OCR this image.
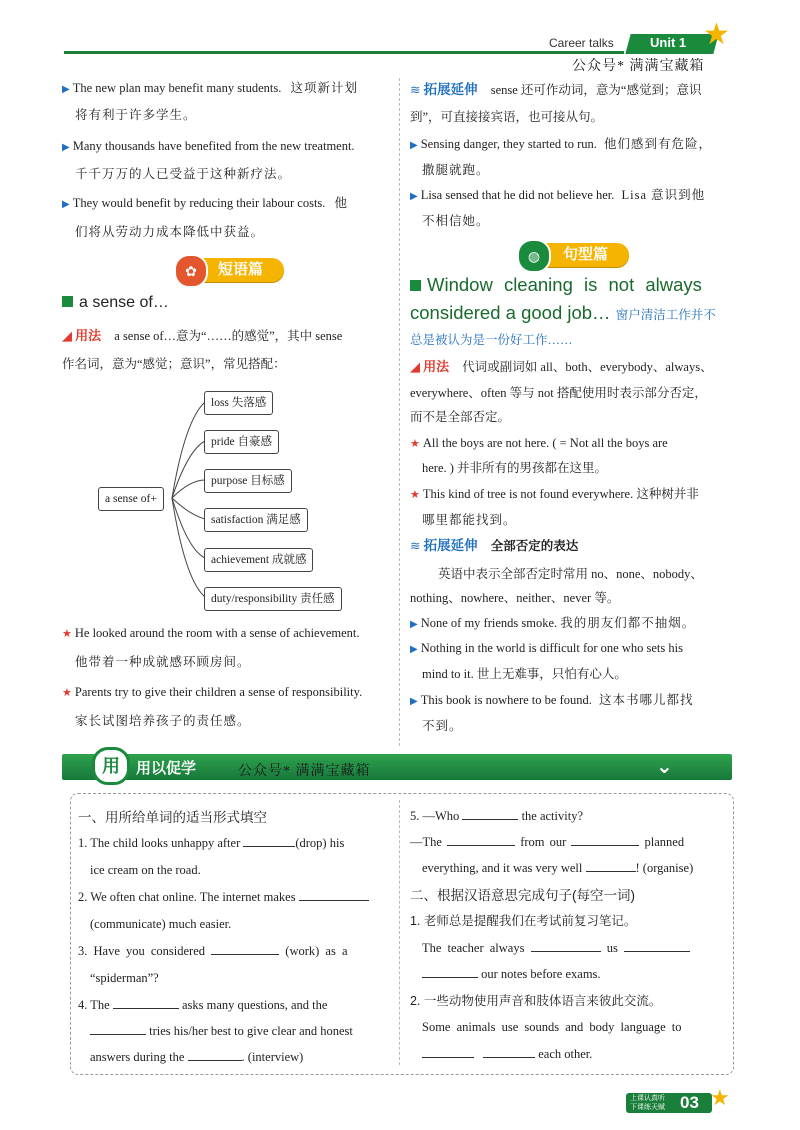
Career talks	Unit 1 ★
公众号* 满满宝藏箱
▶ The new plan may benefit many students. 这项新计划
将有利于许多学生。
▶ Many thousands have benefited from the new treatment.
千千万万的人已受益于这种新疗法。
▶ They would benefit by reducing their labour costs. 他
们将从劳动力成本降低中获益。
✿	短语篇
a sense of…
◢ 用法 a sense of…意为“……的感觉”，其中 sense
作名词，意为“感觉；意识”，常见搭配：
a sense of+
loss 失落感
pride 自豪感
purpose 目标感
satisfaction 满足感
achievement 成就感
duty/responsibility 责任感
★ He looked around the room with a sense of achievement.
他带着一种成就感环顾房间。
★ Parents try to give their children a sense of responsibility.
家长试图培养孩子的责任感。
≋ 拓展延伸 sense 还可作动词，意为“感觉到；意识
到”，可直接接宾语，也可接从句。
▶ Sensing danger, they started to run. 他们感到有危险，
撒腿就跑。
▶ Lisa sensed that he did not believe her. Lisa 意识到他
不相信她。
◍	句型篇
Window cleaning is not always
considered a good job… 窗户清洁工作并不
总是被认为是一份好工作……
◢ 用法 代词或副词如 all、both、everybody、always、
everywhere、often 等与 not 搭配使用时表示部分否定，
而不是全部否定。
★ All the boys are not here. ( = Not all the boys are
here. ) 并非所有的男孩都在这里。
★ This kind of tree is not found everywhere. 这种树并非
哪里都能找到。
≋ 拓展延伸 全部否定的表达
英语中表示全部否定时常用 no、none、nobody、
nothing、nowhere、neither、never 等。
▶ None of my friends smoke. 我的朋友们都不抽烟。
▶ Nothing in the world is difficult for one who sets his
mind to it. 世上无难事，只怕有心人。
▶ This book is nowhere to be found. 这本书哪儿都找
不到。
用	用以促学	公众号* 满满宝藏箱	⌄
一、用所给单词的适当形式填空
1. The child looks unhappy after	(drop) his
ice cream on the road.
2. We often chat online. The internet makes
(communicate) much easier.
3. Have you considered	(work) as a
“spiderman”?
4. The	asks many questions, and the
tries his/her best to give clear and honest
answers during the	. (interview)
5. —Who	the activity?
—The	from our	planned
everything, and it was very well	! (organise)
二、根据汉语意思完成句子(每空一词)
1. 老师总是提醒我们在考试前复习笔记。
The teacher always	us
our notes before exams.
2. 一些动物使用声音和肢体语言来彼此交流。
Some animals use sounds and body language to
each other.
上课认真听
下课练天赋 03 ★
